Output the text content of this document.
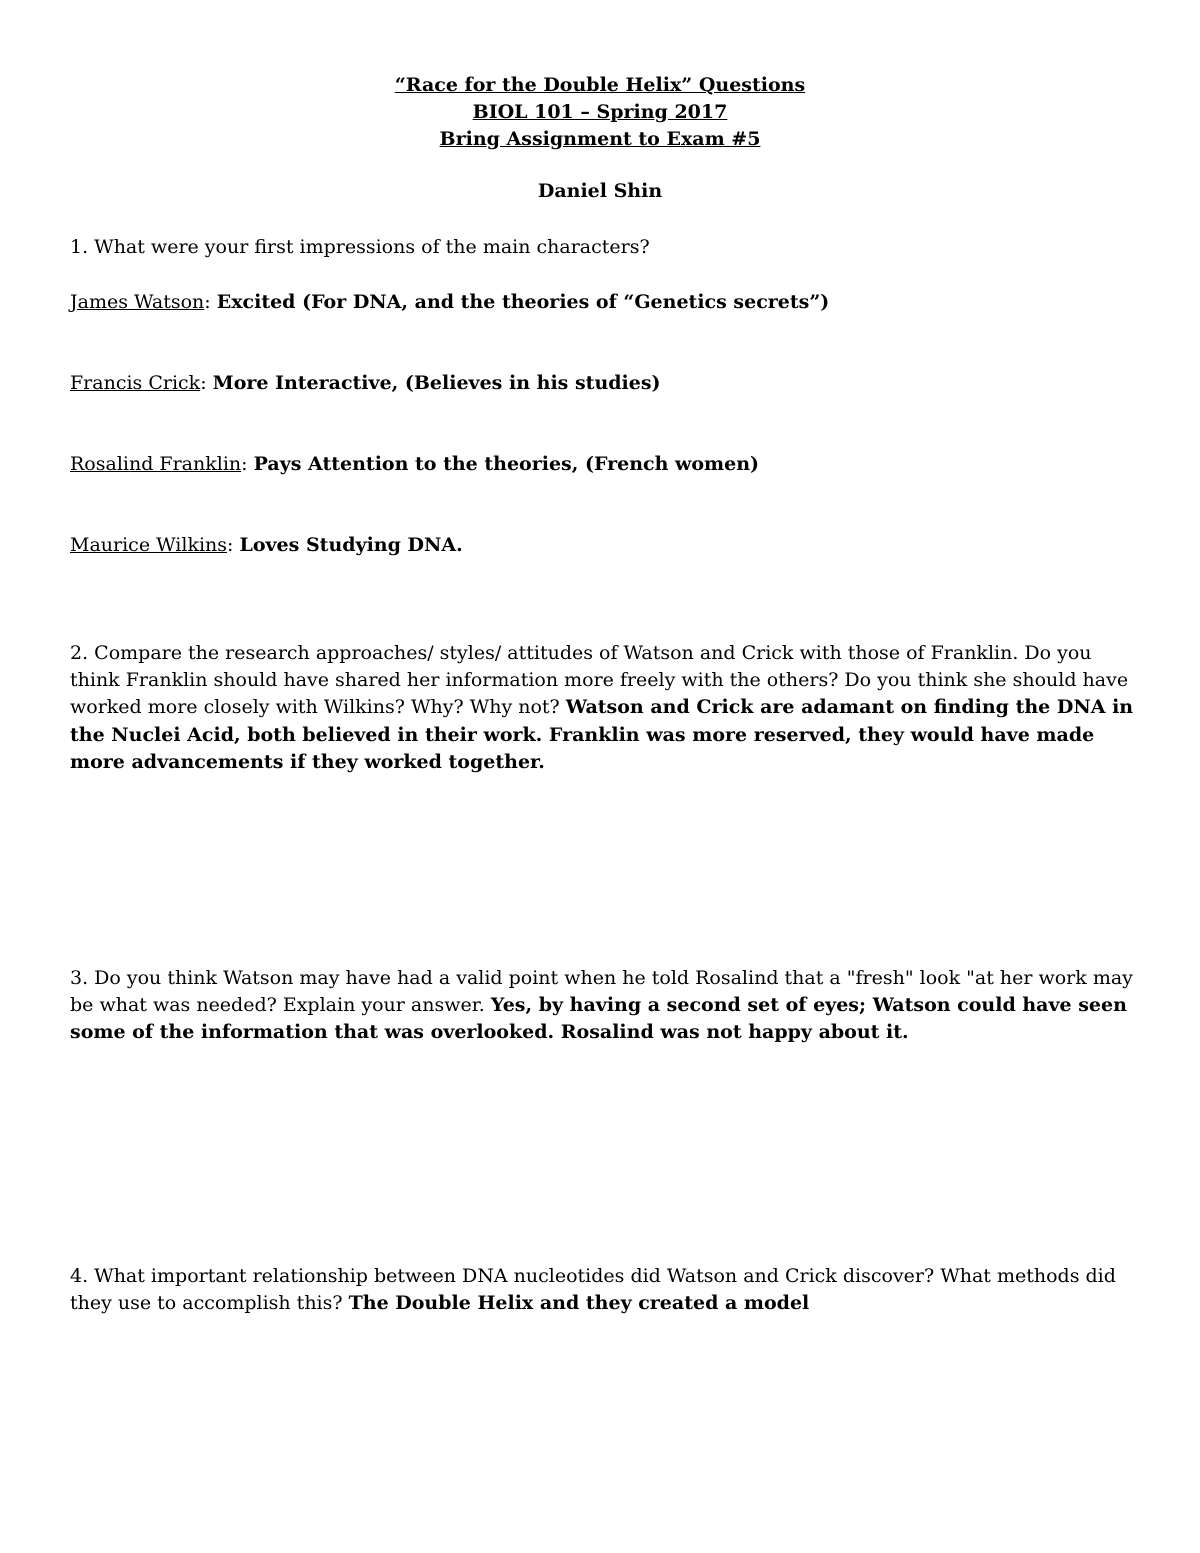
“Race for the Double Helix” Questions
BIOL 101 – Spring 2017
Bring Assignment to Exam #5
Daniel Shin
1. What were your first impressions of the main characters?
James Watson: Excited (For DNA, and the theories of “Genetics secrets”)
Francis Crick: More Interactive, (Believes in his studies)
Rosalind Franklin: Pays Attention to the theories, (French women)
Maurice Wilkins: Loves Studying DNA.
2. Compare the research approaches/ styles/ attitudes of Watson and Crick with those of Franklin. Do you think Franklin should have shared her information more freely with the others? Do you think she should have worked more closely with Wilkins? Why? Why not? Watson and Crick are adamant on finding the DNA in the Nuclei Acid, both believed in their work. Franklin was more reserved, they would have made more advancements if they worked together.
3. Do you think Watson may have had a valid point when he told Rosalind that a "fresh" look "at her work may be what was needed? Explain your answer. Yes, by having a second set of eyes; Watson could have seen some of the information that was overlooked. Rosalind was not happy about it.
4. What important relationship between DNA nucleotides did Watson and Crick discover? What methods did they use to accomplish this? The Double Helix and they created a model
